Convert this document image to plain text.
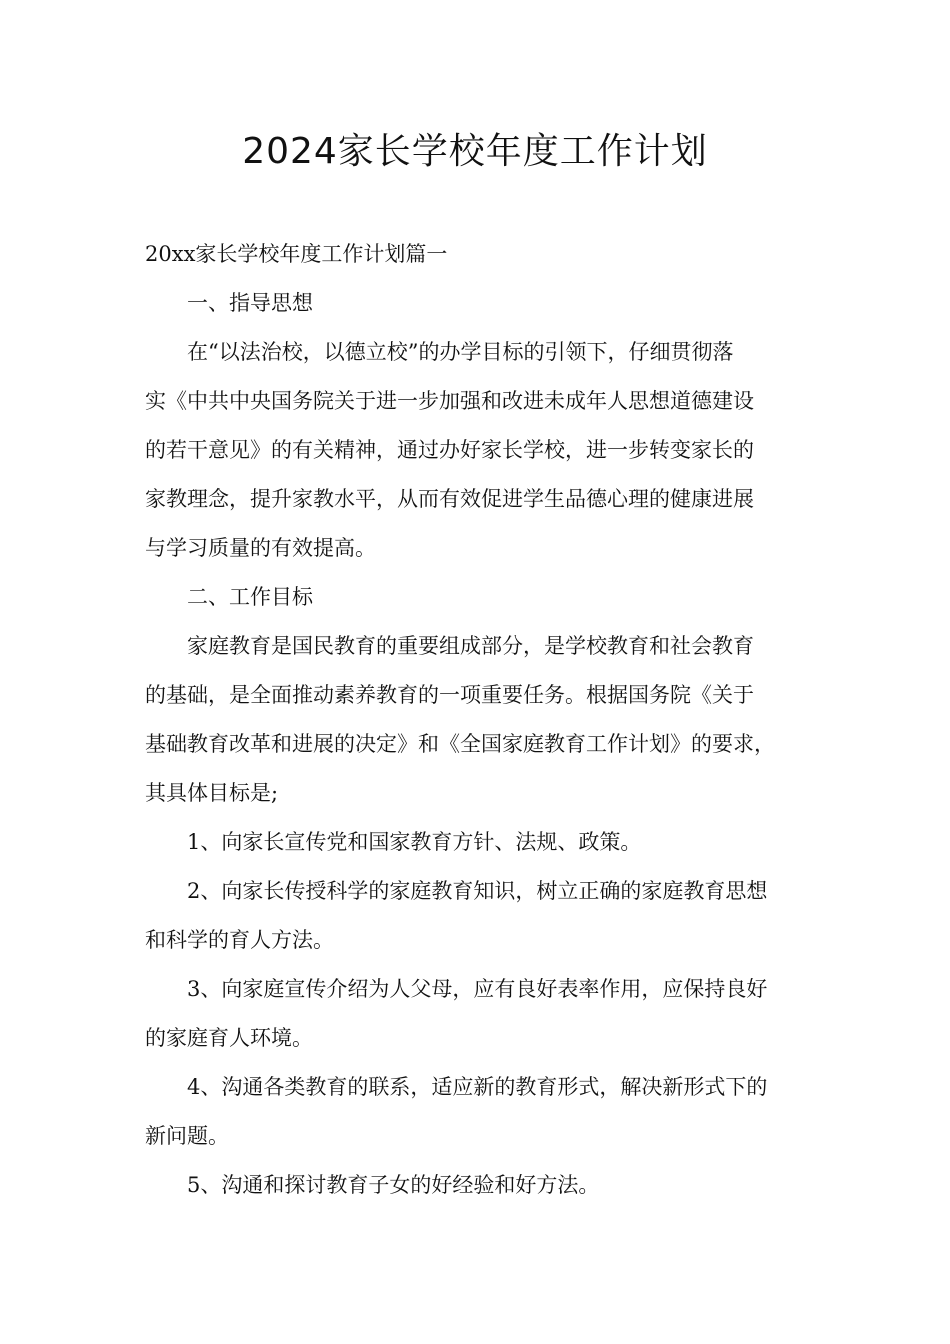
2024家长学校年度工作计划

20xx家长学校年度工作计划篇一

一、指导思想

在“以法治校，以德立校”的办学目标的引领下，仔细贯彻落

实《中共中央国务院关于进一步加强和改进未成年人思想道德建设

的若干意见》的有关精神，通过办好家长学校，进一步转变家长的

家教理念，提升家教水平，从而有效促进学生品德心理的健康进展

与学习质量的有效提高。

二、工作目标

家庭教育是国民教育的重要组成部分，是学校教育和社会教育

的基础，是全面推动素养教育的一项重要任务。根据国务院《关于

基础教育改革和进展的决定》和《全国家庭教育工作计划》的要求，

其具体目标是;

1、向家长宣传党和国家教育方针、法规、政策。

2、向家长传授科学的家庭教育知识，树立正确的家庭教育思想

和科学的育人方法。

3、向家庭宣传介绍为人父母，应有良好表率作用，应保持良好

的家庭育人环境。

4、沟通各类教育的联系，适应新的教育形式，解决新形式下的

新问题。

5、沟通和探讨教育子女的好经验和好方法。
